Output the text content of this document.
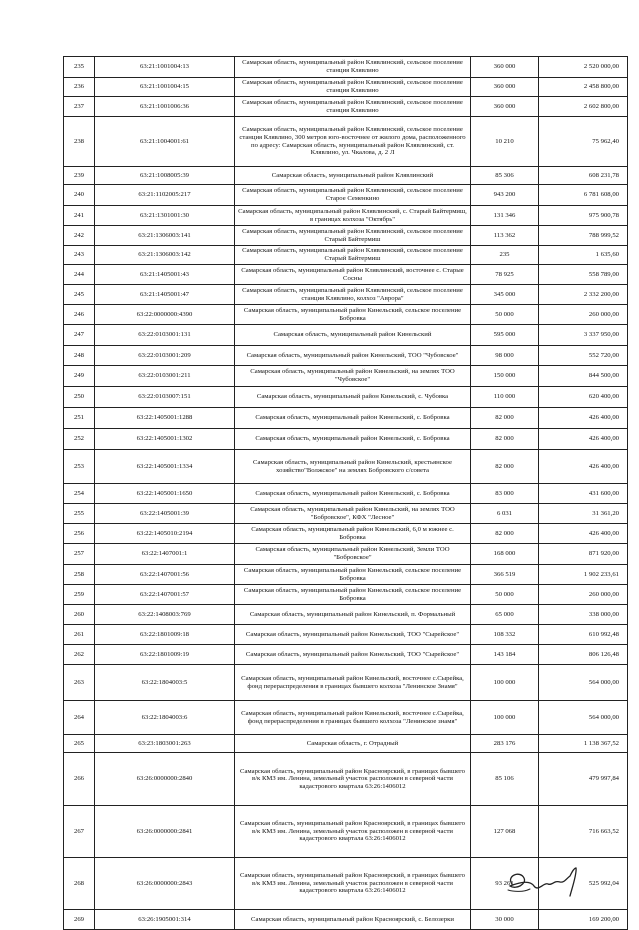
235	63:21:1001004:13	Самарская область, муниципальный район Клявлинский, сельское поселение станция Клявлино	360 000	2 520 000,00
236	63:21:1001004:15	Самарская область, муниципальный район Клявлинский, сельское поселение станция Клявлино	360 000	2 458 800,00
237	63:21:1001006:36	Самарская область, муниципальный район Клявлинский, сельское поселение станция Клявлино	360 000	2 602 800,00
238	63:21:1004001:61	Самарская область, муниципальный район Клявлинский, сельское поселение станция Клявлино, 300 метров юго-восточнее от жилого дома, расположенного по адресу: Самарская область, муниципальный район Клявлинский, ст. Клявлино, ул. Чкалова, д. 2 Л	10 210	75 962,40
239	63:21:1008005:39	Самарская область, муниципальный район Клявлинский	85 306	608 231,78
240	63:21:1102005:217	Самарская область, муниципальный район Клявлинский, сельское поселение Старое Семенкино	943 200	6 781 608,00
241	63:21:1301001:30	Самарская область, муниципальный район Клявлинский, с. Старый Байтермиш, в границах колхоза "Октябрь"	131 346	975 900,78
242	63:21:1306003:141	Самарская область, муниципальный район Клявлинский, сельское поселение Старый Байтермиш	113 362	788 999,52
243	63:21:1306003:142	Самарская область, муниципальный район Клявлинский, сельское поселение Старый Байтермиш	235	1 635,60
244	63:21:1405001:43	Самарская область, муниципальный район Клявлинский, восточнее с. Старые Сосны	78 925	558 789,00
245	63:21:1405001:47	Самарская область, муниципальный район Клявлинский, сельское поселение станция Клявлино, колхоз "Аврора"	345 000	2 332 200,00
246	63:22:0000000:4390	Самарская область, муниципальный район Кинельский, сельское поселение Бобровка	50 000	260 000,00
247	63:22:0103001:131	Самарская область, муниципальный район Кинельский	595 000	3 337 950,00
248	63:22:0103001:209	Самарская область, муниципальный район Кинельский, ТОО "Чубовское"	98 000	552 720,00
249	63:22:0103001:211	Самарская область, муниципальный район Кинельский, на землях ТОО "Чубовское"	150 000	844 500,00
250	63:22:0103007:151	Самарская область, муниципальный район Кинельский, с. Чубовка	110 000	620 400,00
251	63:22:1405001:1288	Самарская область, муниципальный район Кинельский, с. Бобровка	82 000	426 400,00
252	63:22:1405001:1302	Самарская область, муниципальный район Кинельский, с. Бобровка	82 000	426 400,00
253	63:22:1405001:1334	Самарская область, муниципальный район Кинельский, крестьянское хозяйство"Волжское" на землях Бобровского с/совета	82 000	426 400,00
254	63:22:1405001:1650	Самарская область, муниципальный район Кинельский, с. Бобровка	83 000	431 600,00
255	63:22:1405001:39	Самарская область, муниципальный район Кинельский, на землях ТОО "Бобровское", КФХ "Лесное"	6 031	31 361,20
256	63:22:1405010:2194	Самарская область, муниципальный район Кинельский, 6,0 м южнее с. Бобровка	82 000	426 400,00
257	63:22:1407001:1	Самарская область, муниципальный район Кинельский, Земли ТОО "Бобровское"	168 000	871 920,00
258	63:22:1407001:56	Самарская область, муниципальный район Кинельский, сельское поселение Бобровка	366 519	1 902 233,61
259	63:22:1407001:57	Самарская область, муниципальный район Кинельский, сельское поселение Бобровка	50 000	260 000,00
260	63:22:1408003:769	Самарская область, муниципальный район Кинельский, п. Формальный	65 000	338 000,00
261	63:22:1801009:18	Самарская область, муниципальный район Кинельский, ТОО "Сырейское"	108 332	610 992,48
262	63:22:1801009:19	Самарская область, муниципальный район Кинельский, ТОО "Сырейское"	143 184	806 126,48
263	63:22:1804003:5	Самарская область, муниципальный район Кинельский, восточнее с.Сырейка, фонд перераспределения в границах бывшего колхоза "Ленинское Знамя"	100 000	564 000,00
264	63:22:1804003:6	Самарская область, муниципальный район Кинельский, восточнее с.Сырейка, фонд перераспределения в границах бывшего колхоза "Ленинское знамя"	100 000	564 000,00
265	63:23:1803001:263	Самарская область, г. Отрадный	283 176	1 138 367,52
266	63:26:0000000:2840	Самарская область, муниципальный район Красноярский, в границах бывшего в/к КМЗ им. Ленина, земельный участок расположен в северной части кадастрового квартала 63:26:1406012	85 106	479 997,84
267	63:26:0000000:2841	Самарская область, муниципальный район Красноярский, в границах бывшего в/к КМЗ им. Ленина, земельный участок расположен в северной части кадастрового квартала 63:26:1406012	127 068	716 663,52
268	63:26:0000000:2843	Самарская область, муниципальный район Красноярский, в границах бывшего в/к КМЗ им. Ленина, земельный участок расположен в северной части кадастрового квартала 63:26:1406012	93 261	525 992,04
269	63:26:1905001:314	Самарская область, муниципальный район Красноярский, с. Белозерки	30 000	169 200,00
